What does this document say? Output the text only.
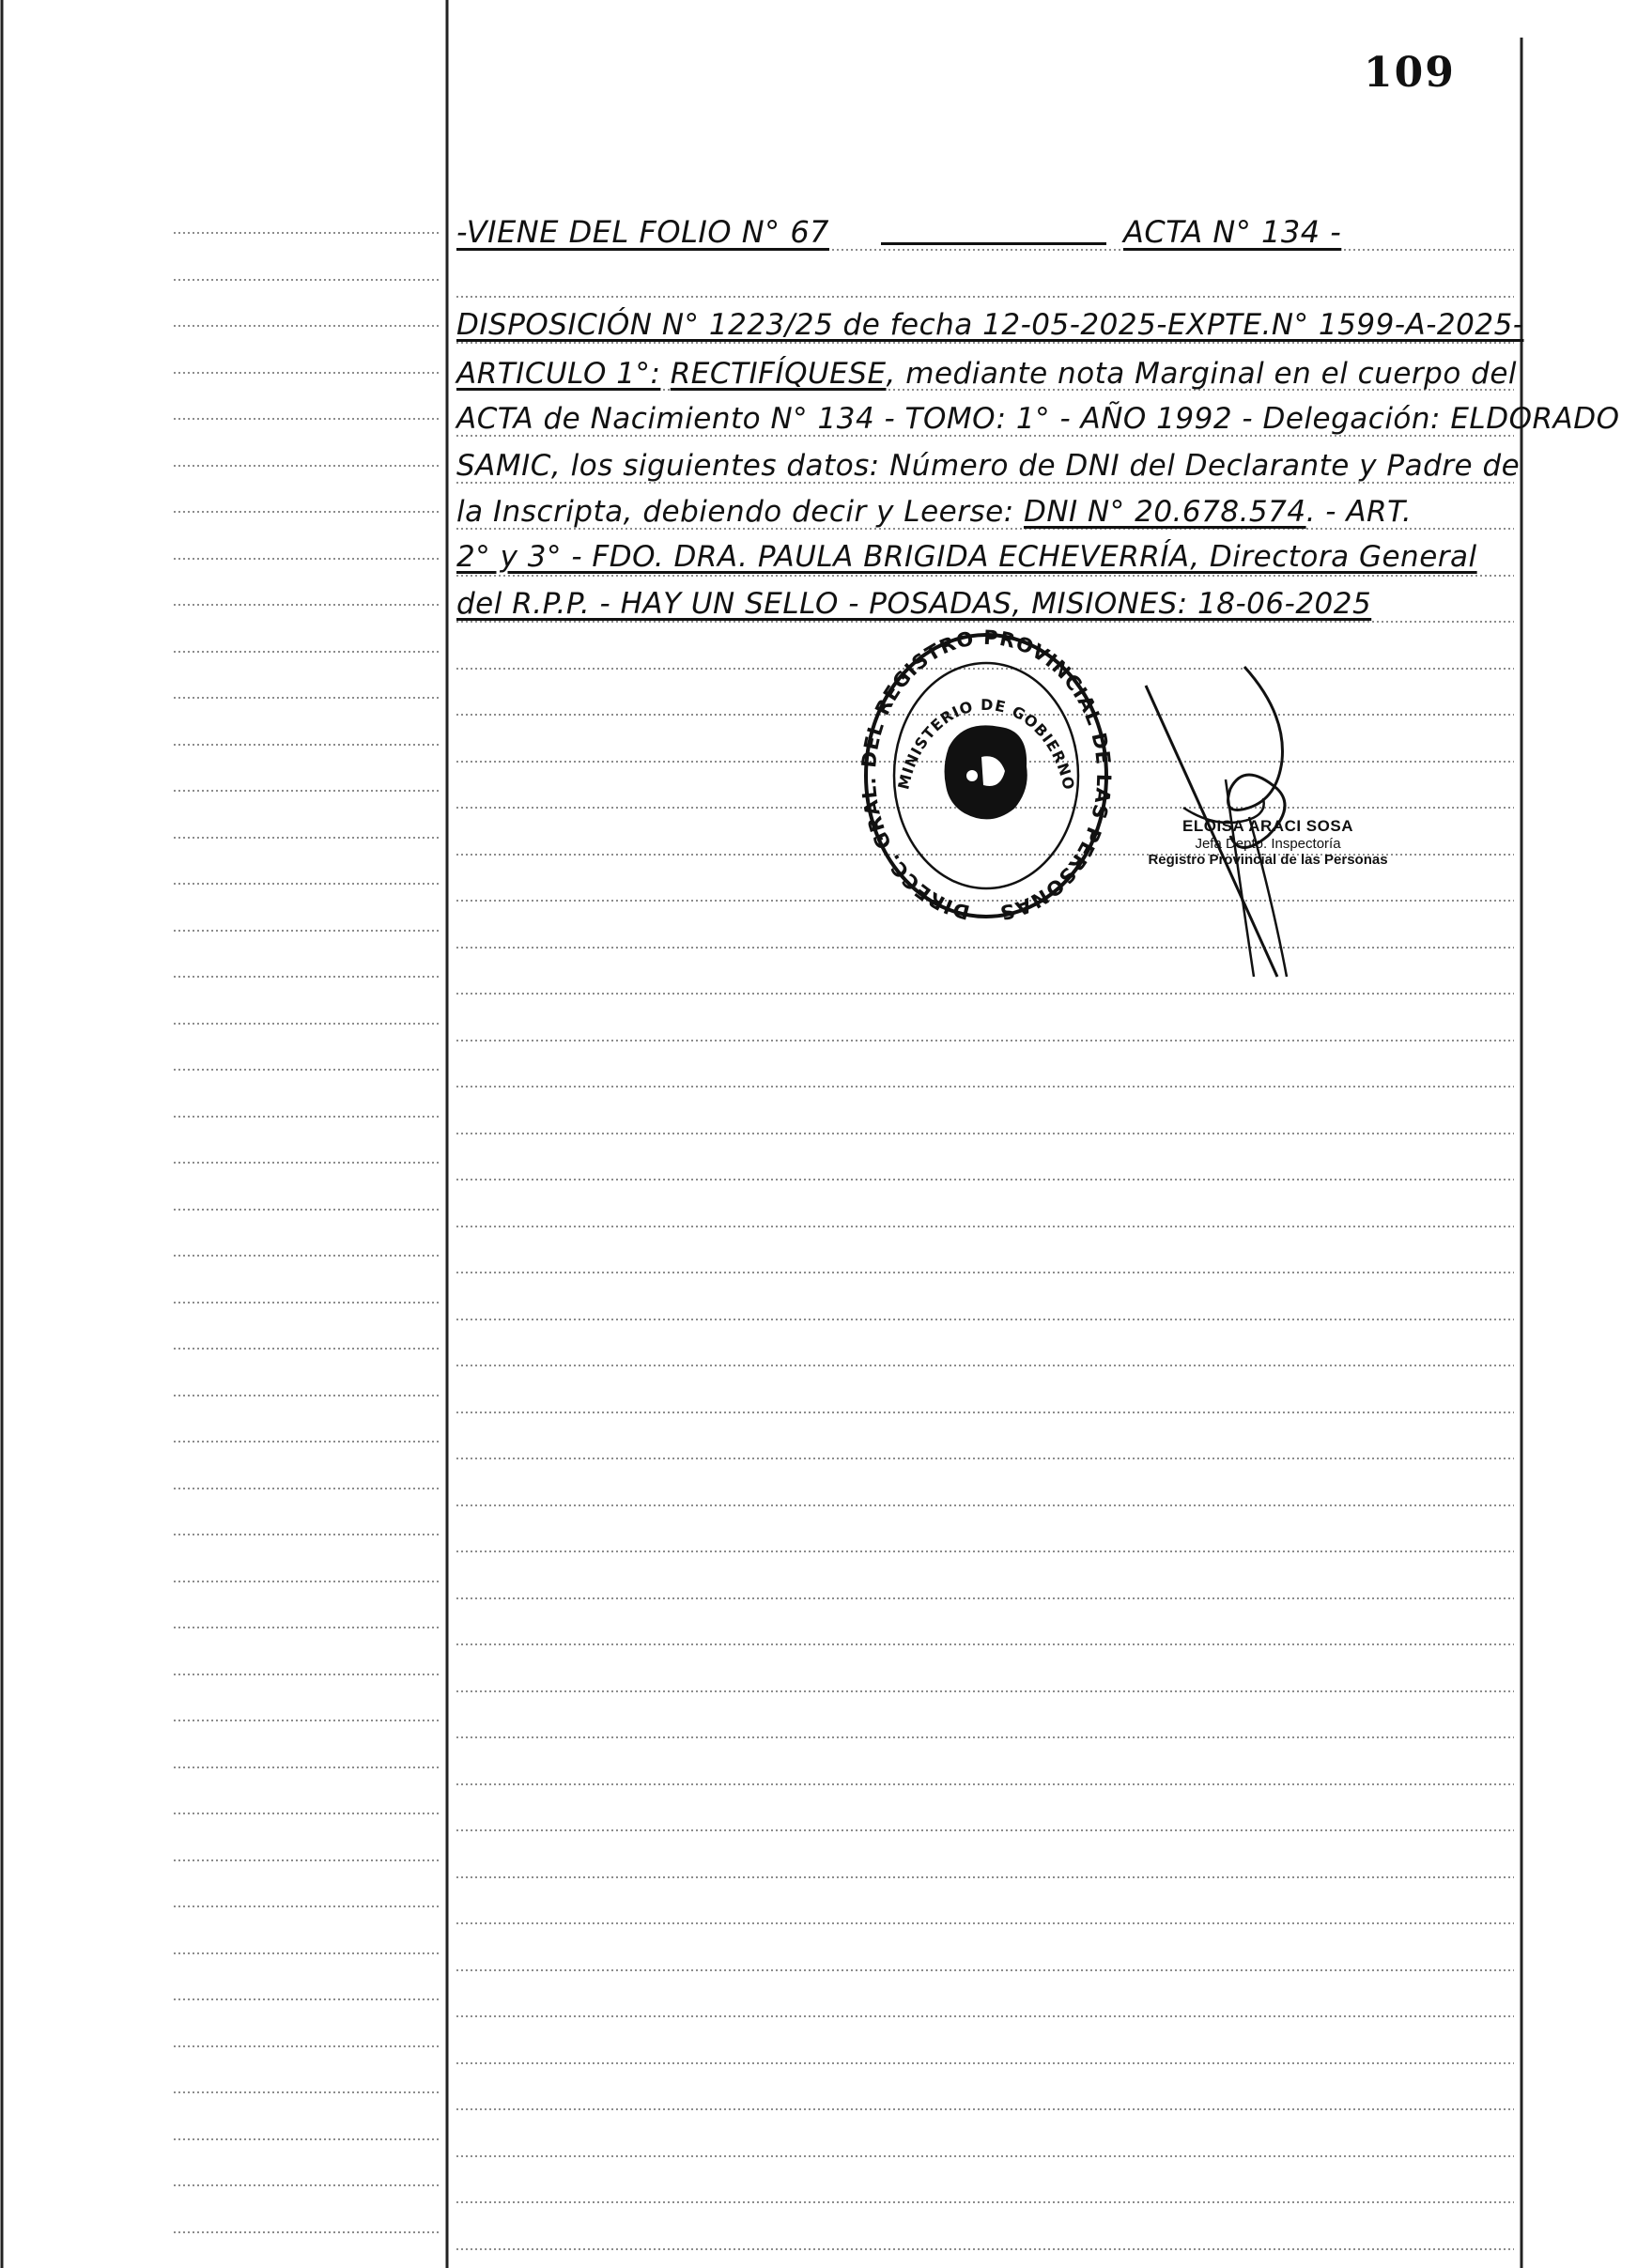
109
-VIENE DEL FOLIO N° 67	ACTA N° 134 -
DISPOSICIÓN N° 1223/25 de fecha 12-05-2025-EXPTE.N° 1599-A-2025-
ARTICULO 1°: RECTIFÍQUESE, mediante nota Marginal en el cuerpo del
ACTA de Nacimiento N° 134 - TOMO: 1° - AÑO 1992 - Delegación: ELDORADO
SAMIC, los siguientes datos: Número de DNI del Declarante y Padre de
la Inscripta, debiendo decir y Leerse: DNI N° 20.678.574. - ART.
2° y 3° - FDO. DRA. PAULA BRIGIDA ECHEVERRÍA, Directora General
del R.P.P. - HAY UN SELLO - POSADAS, MISIONES: 18-06-2025
DIRECC. GRAL. DEL REGISTRO PROVINCIAL DE LAS PERSONAS
MINISTERIO DE GOBIERNO
ELOISA ARACI SOSA
Jefa Depto. Inspectoría
Registro Provincial de las Personas
